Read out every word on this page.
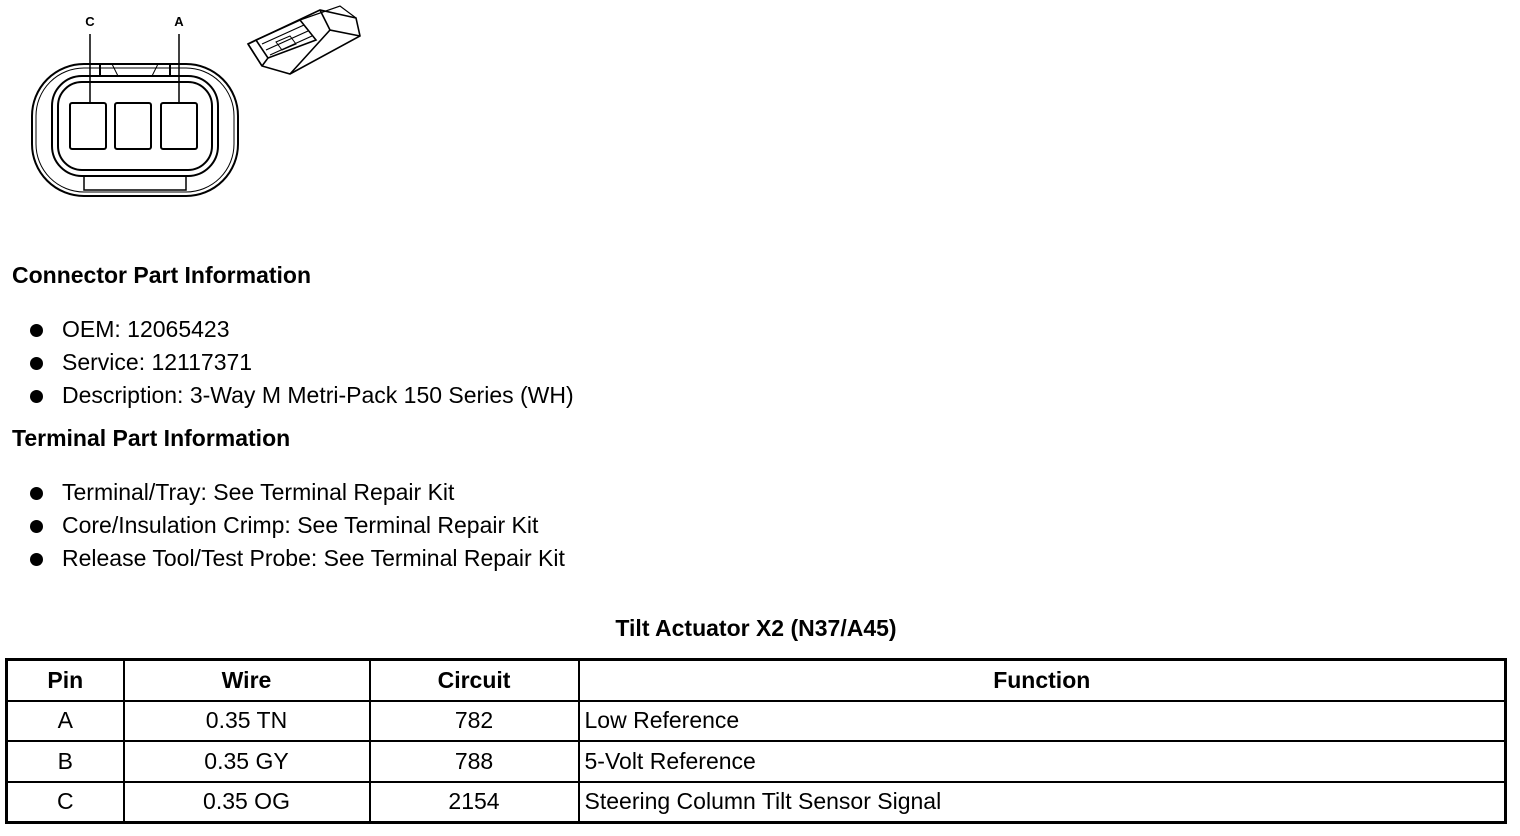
C	A
Connector Part Information
OEM: 12065423
Service: 12117371
Description: 3-Way M Metri-Pack 150 Series (WH)
Terminal Part Information
Terminal/Tray: See Terminal Repair Kit
Core/Insulation Crimp: See Terminal Repair Kit
Release Tool/Test Probe: See Terminal Repair Kit
Tilt Actuator X2 (N37/A45)
Pin	Wire	Circuit	Function
A	0.35 TN	782	Low Reference
B	0.35 GY	788	5-Volt Reference
C	0.35 OG	2154	Steering Column Tilt Sensor Signal
